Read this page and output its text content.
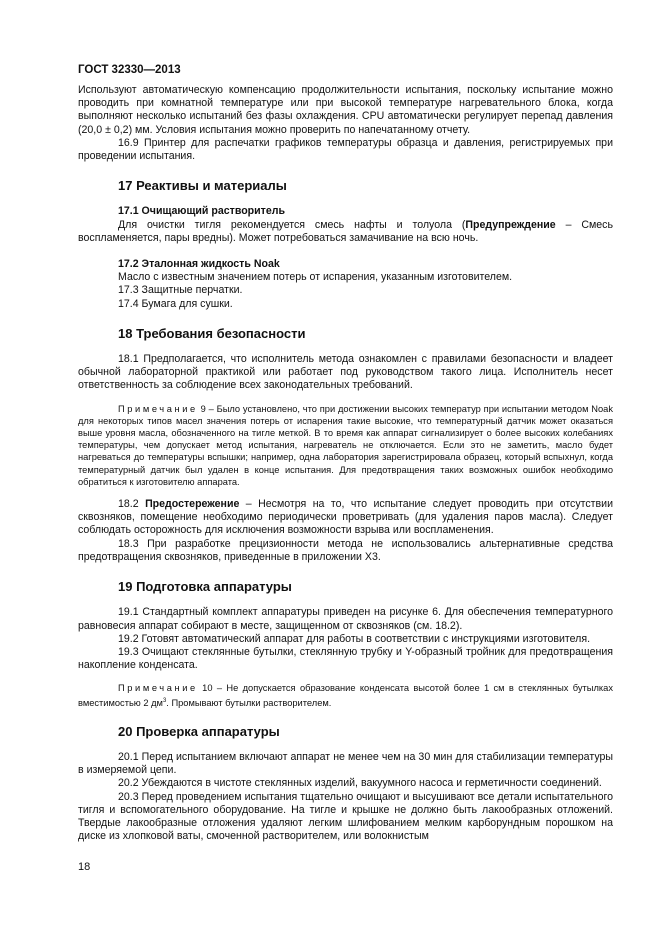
ГОСТ 32330—2013

Используют автоматическую компенсацию продолжительности испытания, поскольку испытание можно проводить при комнатной температуре или при высокой температуре нагревательного блока, когда выполняют несколько испытаний без фазы охлаждения. CPU автоматически регулирует перепад давления (20,0 ± 0,2) мм. Условия испытания можно проверить по напечатанному отчету.

16.9 Принтер для распечатки графиков температуры образца и давления, регистрируемых при проведении испытания.

17 Реактивы и материалы

17.1 Очищающий растворитель

Для очистки тигля рекомендуется смесь нафты и толуола (Предупреждение – Смесь воспламеняется, пары вредны). Может потребоваться замачивание на всю ночь.

17.2 Эталонная жидкость Noak

Масло с известным значением потерь от испарения, указанным изготовителем.

17.3 Защитные перчатки.

17.4 Бумага для сушки.

18 Требования безопасности

18.1 Предполагается, что исполнитель метода ознакомлен с правилами безопасности и владеет обычной лабораторной практикой или работает под руководством такого лица. Исполнитель несет ответственность за соблюдение всех законодательных требований.

Примечание 9 – Было установлено, что при достижении высоких температур при испытании методом Noak для некоторых типов масел значения потерь от испарения такие высокие, что температурный датчик может оказаться выше уровня масла, обозначенного на тигле меткой. В то время как аппарат сигнализирует о более высоких колебаниях температуры, чем допускает метод испытания, нагреватель не отключается. Если это не заметить, масло будет нагреваться до температуры вспышки; например, одна лаборатория зарегистрировала образец, который вспыхнул, когда температурный датчик был удален в конце испытания. Для предотвращения таких возможных ошибок необходимо обратиться к изготовителю аппарата.

18.2 Предостережение – Несмотря на то, что испытание следует проводить при отсутствии сквозняков, помещение необходимо периодически проветривать (для удаления паров масла). Следует соблюдать осторожность для исключения возможности взрыва или воспламенения.

18.3 При разработке прецизионности метода не использовались альтернативные средства предотвращения сквозняков, приведенные в приложении Х3.

19 Подготовка аппаратуры

19.1 Стандартный комплект аппаратуры приведен на рисунке 6. Для обеспечения температурного равновесия аппарат собирают в месте, защищенном от сквозняков (см. 18.2).

19.2 Готовят автоматический аппарат для работы в соответствии с инструкциями изготовителя.

19.3 Очищают стеклянные бутылки, стеклянную трубку и Y-образный тройник для предотвращения накопление конденсата.

Примечание 10 – Не допускается образование конденсата высотой более 1 см в стеклянных бутылках вместимостью 2 $дм^3$. Промывают бутылки растворителем.

20 Проверка аппаратуры

20.1 Перед испытанием включают аппарат не менее чем на 30 мин для стабилизации температуры в измеряемой цепи.

20.2 Убеждаются в чистоте стеклянных изделий, вакуумного насоса и герметичности соединений.

20.3 Перед проведением испытания тщательно очищают и высушивают все детали испытательного тигля и вспомогательного оборудование. На тигле и крышке не должно быть лакообразных отложений. Твердые лакообразные отложения удаляют легким шлифованием мелким карборундным порошком на диске из хлопковой ваты, смоченной растворителем, или волокнистым

18
